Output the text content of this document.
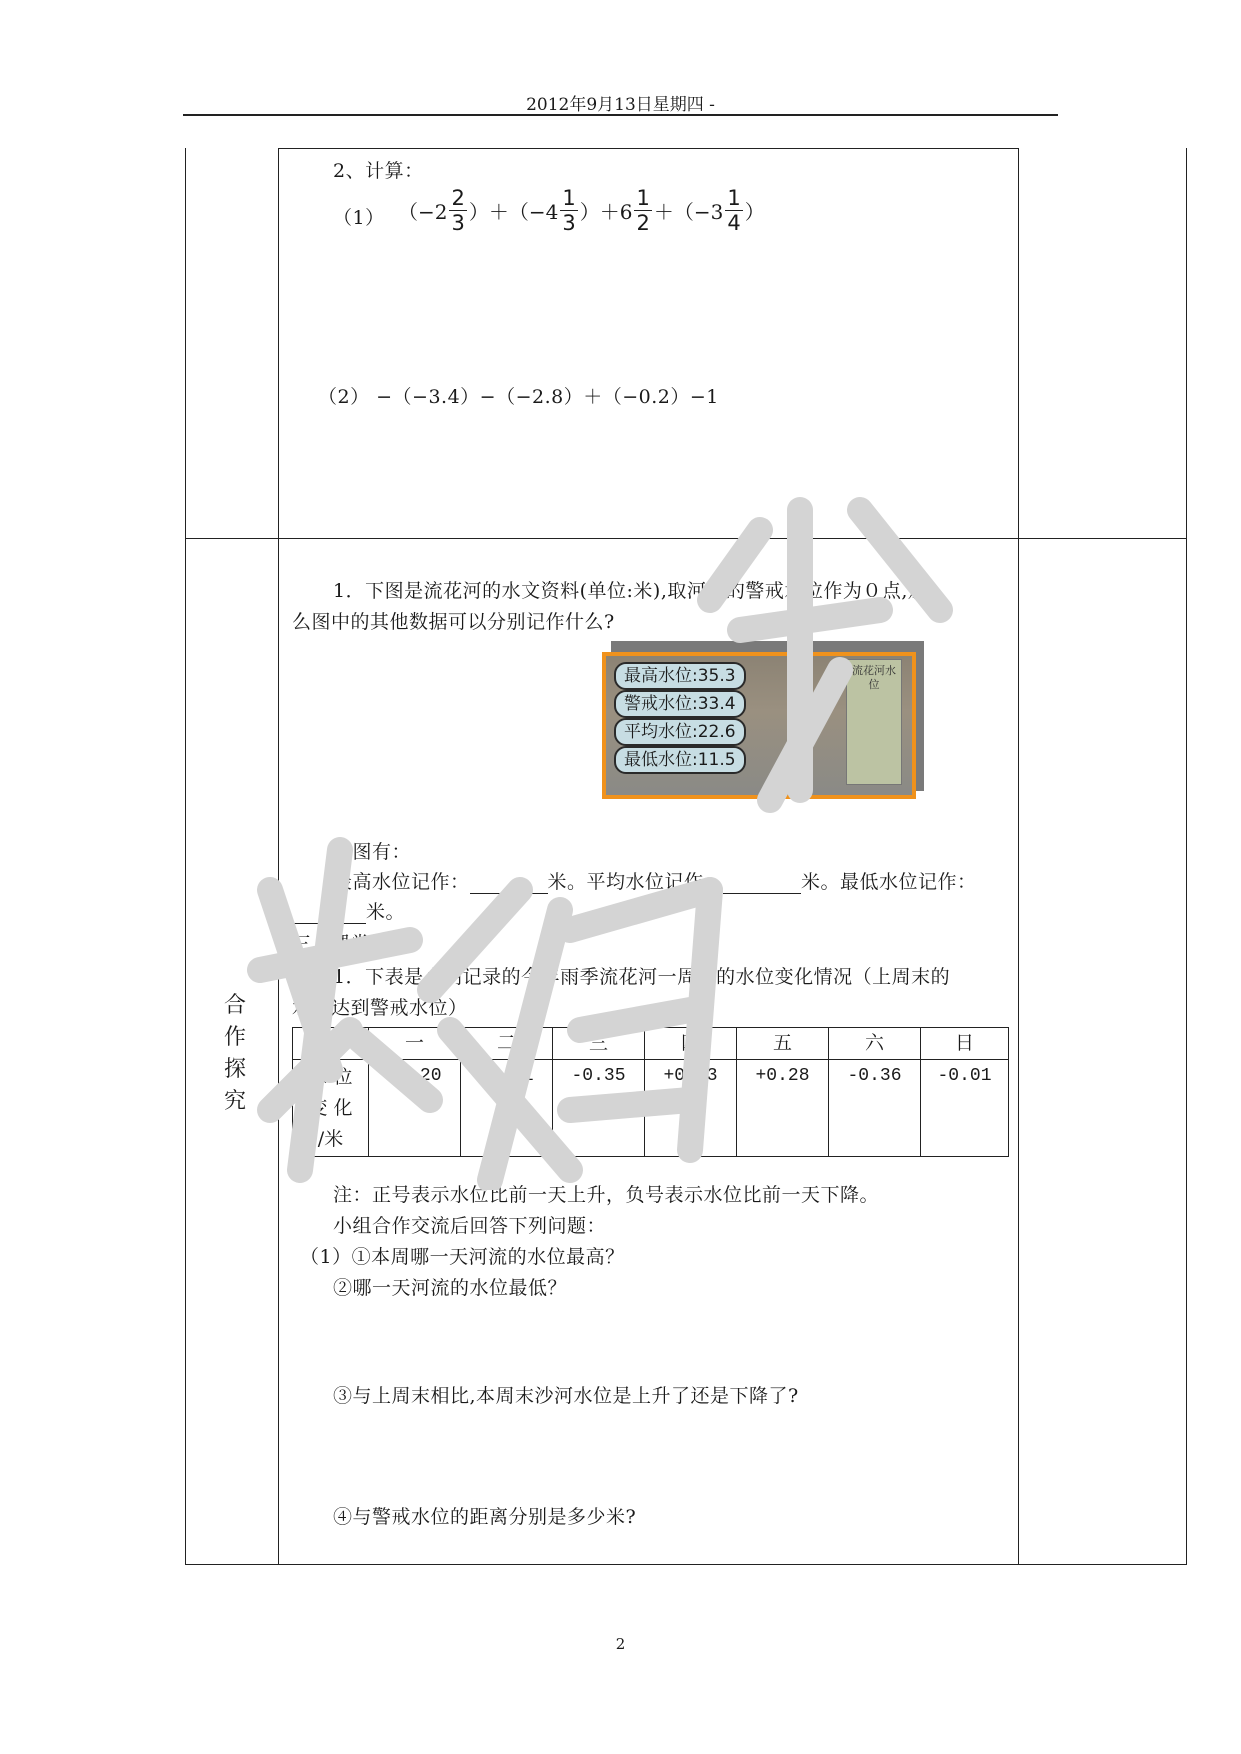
2012年9月13日星期四 -
2、计算：
（1） $(-2 \frac{2}{3} )+(-4 \frac{1}{3} )+6 \frac{1}{2} +(-3 \frac{1}{4}$ ）
（2） −（−3.4）−（−2.8）＋（−0.2）−1
合
作
探
究
1．下图是流花河的水文资料(单位:米),取河流的警戒水位作为０点,那
么图中的其他数据可以分别记作什么?
最高水位:35.3
警戒水位:33.4
平均水位:22.6
最低水位:11.5
流花河水位
由图有：
最高水位记作：	米。平均水位记作：	米。最低水位记作：
米。
三、课堂展示
1．下表是小明记录的今年雨季流花河一周内的水位变化情况（上周末的
水位达到警戒水位）
星期	一	二	三	四	五	六	日

水 位
变 化
/米	+0.20	+0.81	-0.35	+0.03	+0.28	-0.36	-0.01
注：正号表示水位比前一天上升，负号表示水位比前一天下降。
小组合作交流后回答下列问题：
（1）①本周哪一天河流的水位最高？
②哪一天河流的水位最低？
③与上周末相比,本周末沙河水位是上升了还是下降了?
④与警戒水位的距离分别是多少米?
2
